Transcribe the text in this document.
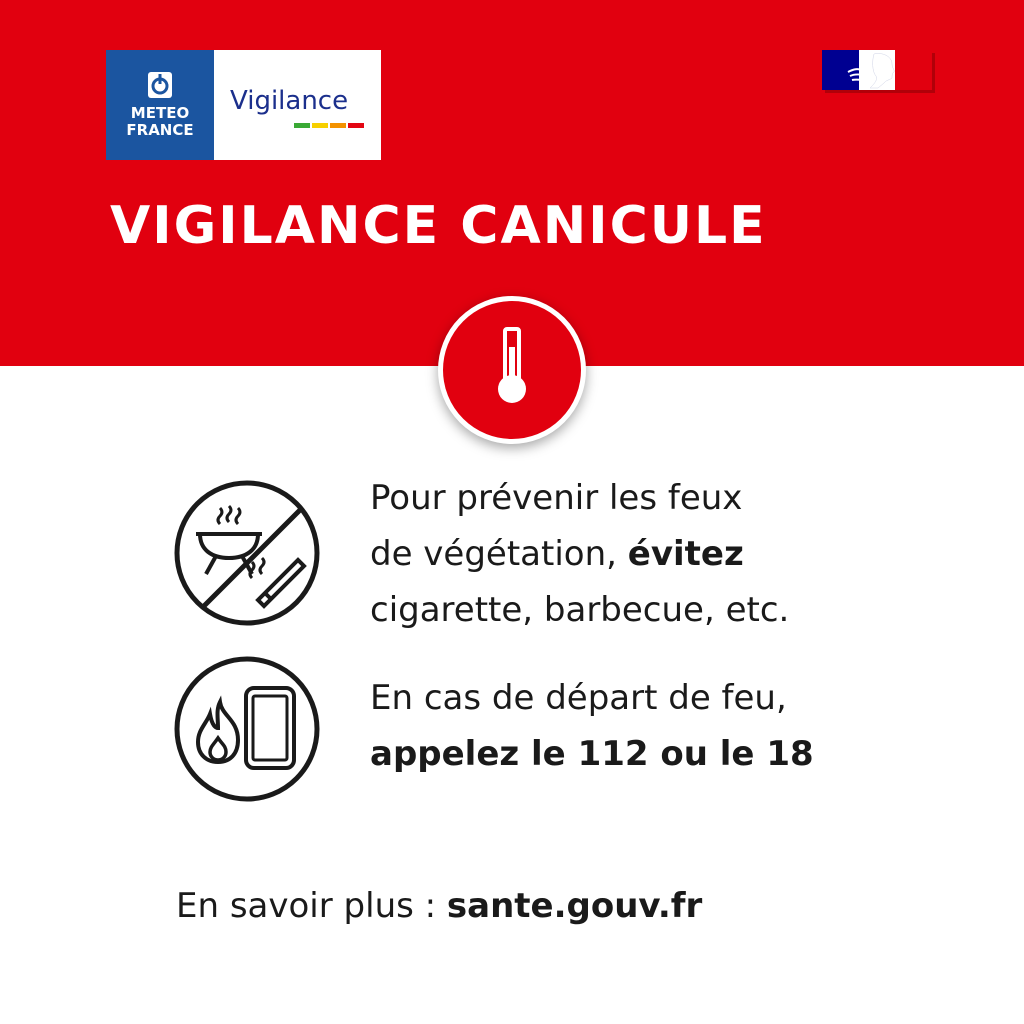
METEO
FRANCE
Vigilance
VIGILANCE CANICULE
Pour prévenir les feux
de végétation, évitez
cigarette, barbecue, etc.
En cas de départ de feu,
appelez le 112 ou le 18
En savoir plus : sante.gouv.fr
